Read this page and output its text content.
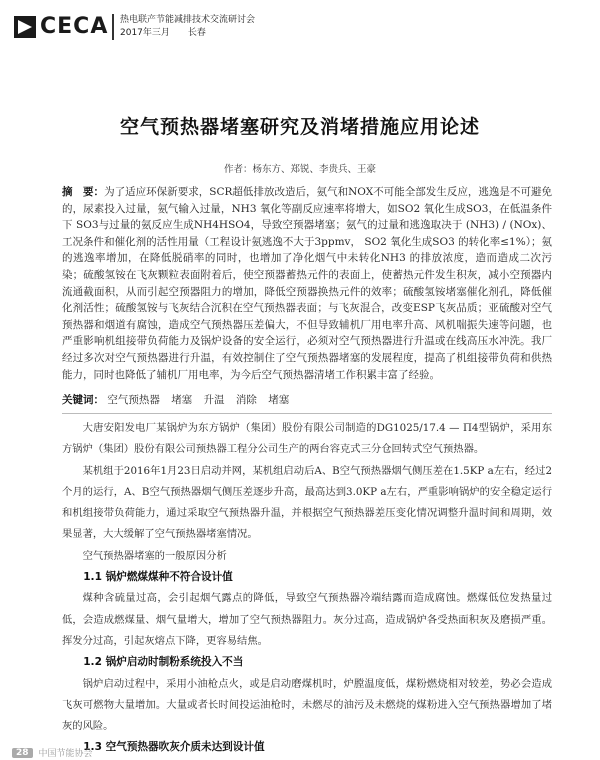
CECA 热电联产节能减排技术交流研讨会
2017年三月 长春
空气预热器堵塞研究及消堵措施应用论述
作者：杨东方、郑锐、李贵兵、王豪
摘　要：为了适应环保新要求，SCR超低排放改造后，氨气和NOX不可能全部发生反应，逃逸是不可避免的，尿素投入过量，氨气输入过量，NH3 氧化等副反应速率将增大，如SO2 氧化生成SO3，在低温条件下 SO3与过量的氨反应生成NH4HSO4，导致空预器堵塞；氨气的过量和逃逸取决于 (NH3) / (NOx)、工况条件和催化剂的活性用量（工程设计氨逃逸不大于3ppmv， SO2 氧化生成SO3 的转化率≤1%）；氨的逃逸率增加，在降低脱硝率的同时，也增加了净化烟气中未转化NH3 的排放浓度，造而造成二次污染；硫酸氢铵在飞灰颗粒表面附着后，使空预器蓄热元件的表面上，使蓄热元件发生积灰，减小空预器内流通截面积，从而引起空预器阻力的增加，降低空预器换热元件的效率；硫酸氢铵堵塞催化剂孔，降低催化剂活性；硫酸氢铵与飞灰结合沉积在空气预热器表面；与飞灰混合，改变ESP飞灰品质；亚硫酸对空气预热器和烟道有腐蚀，造成空气预热器压差偏大，不但导致辅机厂用电率升高、风机喘振失速等问题，也严重影响机组接带负荷能力及锅炉设备的安全运行，必须对空气预热器进行升温或在线高压水冲洗。我厂经过多次对空气预热器进行升温，有效控制住了空气预热器堵塞的发展程度，提高了机组接带负荷和供热能力，同时也降低了辅机厂用电率，为今后空气预热器清堵工作积累丰富了经验。
关键词： 空气预热器 堵塞 升温 消除 堵塞

大唐安阳发电厂某锅炉为东方锅炉（集团）股份有限公司制造的DG1025/17.4 — Π4型锅炉，采用东方锅炉（集团）股份有限公司预热器工程分公司生产的两台容克式三分仓回转式空气预热器。

某机组于2016年1月23日启动并网，某机组启动后A、B空气预热器烟气侧压差在1.5KP a左右，经过2个月的运行，A、B空气预热器烟气侧压差逐步升高，最高达到3.0KP a左右，严重影响锅炉的安全稳定运行和机组接带负荷能力，通过采取空气预热器升温，并根据空气预热器差压变化情况调整升温时间和周期，效果显著，大大缓解了空气预热器堵塞情况。

空气预热器堵塞的一般原因分析

1.1 锅炉燃煤煤种不符合设计值

煤种含硫量过高，会引起烟气露点的降低，导致空气预热器冷端结露而造成腐蚀。燃煤低位发热量过低，会造成燃煤量、烟气量增大，增加了空气预热器阻力。灰分过高，造成锅炉各受热面积灰及磨损严重。挥发分过高，引起灰熔点下降，更容易结焦。

1.2 锅炉启动时制粉系统投入不当

锅炉启动过程中，采用小油枪点火，或是启动磨煤机时，炉膛温度低，煤粉燃烧相对较差，势必会造成飞灰可燃物大量增加。大量或者长时间投运油枪时，未燃尽的油污及未燃烧的煤粉进入空气预热器增加了堵灰的风险。

1.3 空气预热器吹灰介质未达到设计值
28	中国节能协会
